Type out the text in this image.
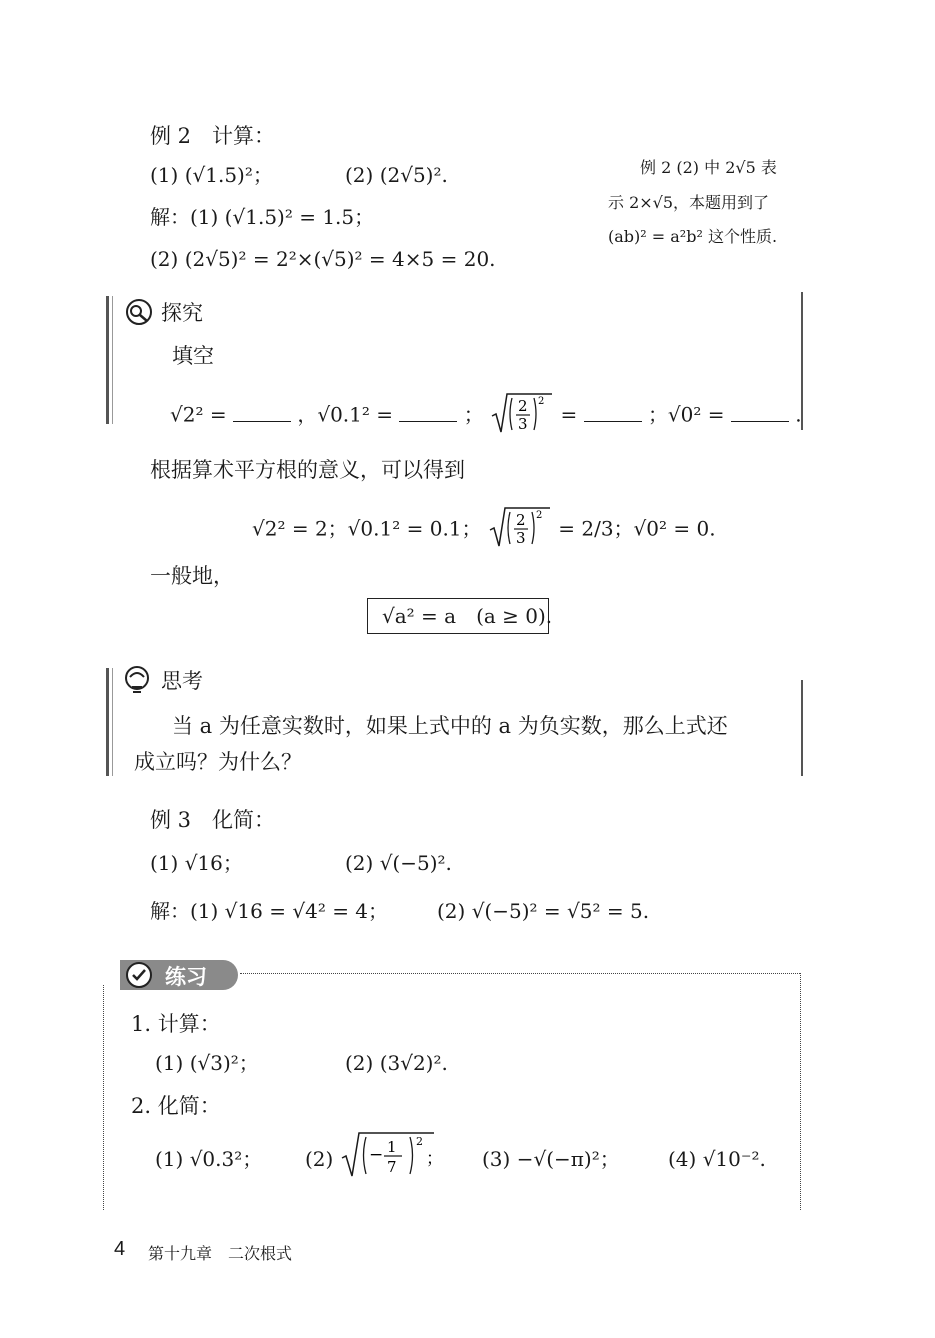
例 2　计算：
(1) (√1.5)²；	(2) (2√5)².
解：(1) (√1.5)² = 1.5；
(2) (2√5)² = 2²×(√5)² = 4×5 = 20.
例 2 (2) 中 2√5 表
示 2×√5，本题用到了
(ab)² = a²b² 这个性质.
探究
填空
√2² =	，√0.1² =	； 2
3
2
=	；√0² =	.
根据算术平方根的意义，可以得到
√2² = 2；√0.1² = 0.1； 2
3
2
= 2/3；√0² = 0.
一般地，
√a² = a　(a ≥ 0).
思考
当 a 为任意实数时，如果上式中的 a 为负实数，那么上式还
成立吗？为什么？
例 3　化简：
(1) √16；	(2) √(−5)².
解：(1) √16 = √4² = 4； (2) √(−5)² = √5² = 5.
练习
1. 计算：
(1) (√3)²；	(2) (3√2)².
2. 化简：
(1) √0.3²； (2) − 1
7
2
； (3) −√(−π)²； (4) √10⁻².
4 第十九章　二次根式
